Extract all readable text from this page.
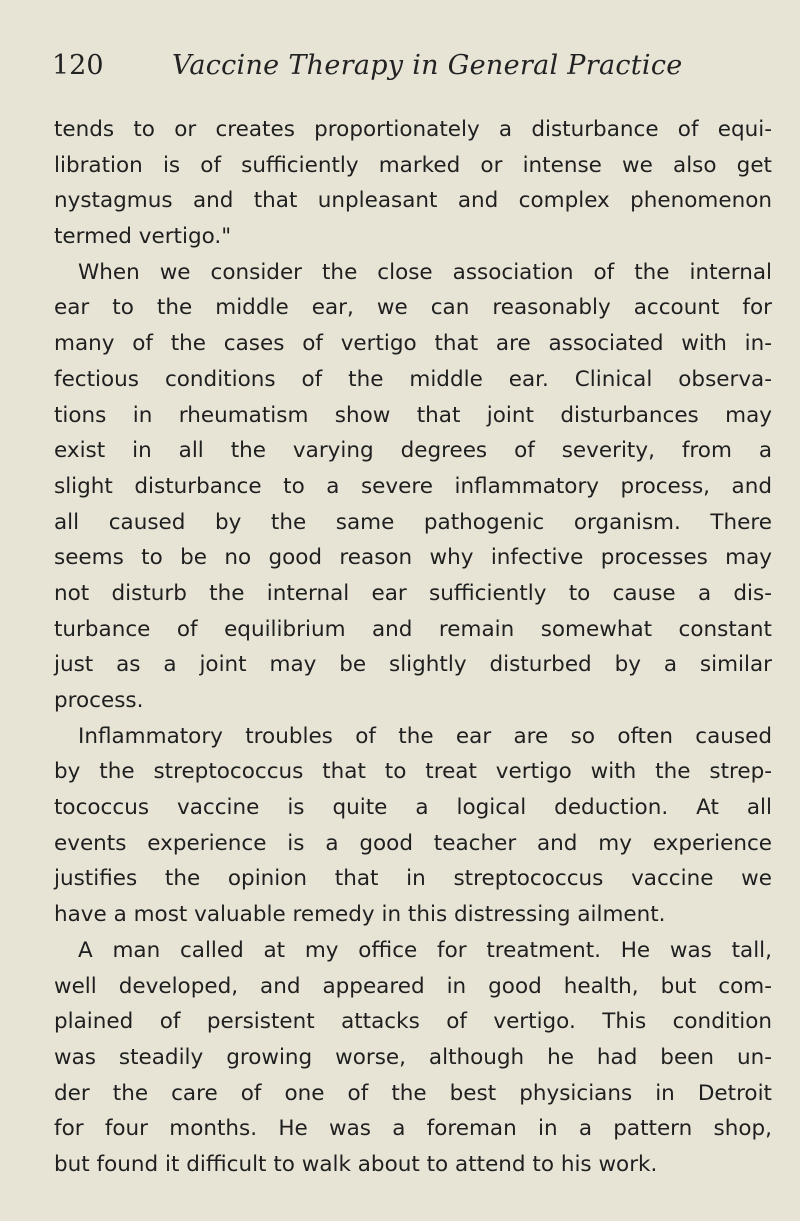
120	Vaccine Therapy in General Practice
tends to or creates proportionately a disturbance of equi-
libration is of sufficiently marked or intense we also get
nystagmus and that unpleasant and complex phenomenon
termed vertigo."
When we consider the close association of the internal
ear to the middle ear, we can reasonably account for
many of the cases of vertigo that are associated with in-
fectious conditions of the middle ear. Clinical observa-
tions in rheumatism show that joint disturbances may
exist in all the varying degrees of severity, from a
slight disturbance to a severe inflammatory process, and
all caused by the same pathogenic organism. There
seems to be no good reason why infective processes may
not disturb the internal ear sufficiently to cause a dis-
turbance of equilibrium and remain somewhat constant
just as a joint may be slightly disturbed by a similar
process.
Inflammatory troubles of the ear are so often caused
by the streptococcus that to treat vertigo with the strep-
tococcus vaccine is quite a logical deduction. At all
events experience is a good teacher and my experience
justifies the opinion that in streptococcus vaccine we
have a most valuable remedy in this distressing ailment.
A man called at my office for treatment. He was tall,
well developed, and appeared in good health, but com-
plained of persistent attacks of vertigo. This condition
was steadily growing worse, although he had been un-
der the care of one of the best physicians in Detroit
for four months. He was a foreman in a pattern shop,
but found it difficult to walk about to attend to his work.
